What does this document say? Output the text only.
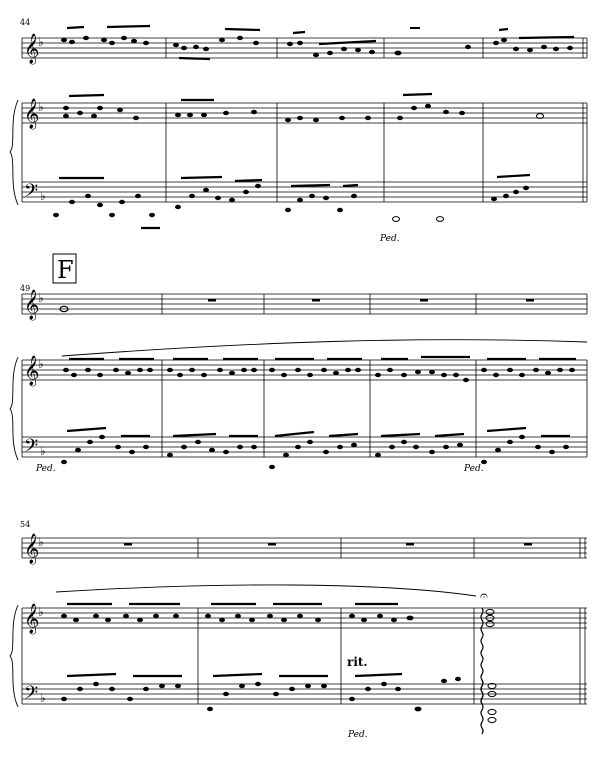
44
𝄞
♭
𝄞
♭
𝄢 ♭
Ped.
F
49
𝄞
♭
𝄞
♭
𝄢 ♭
Ped.	Ped.
54
𝄞
♭
𝄞
♭
𝄢 ♭
𝄐
rit.
Ped.
